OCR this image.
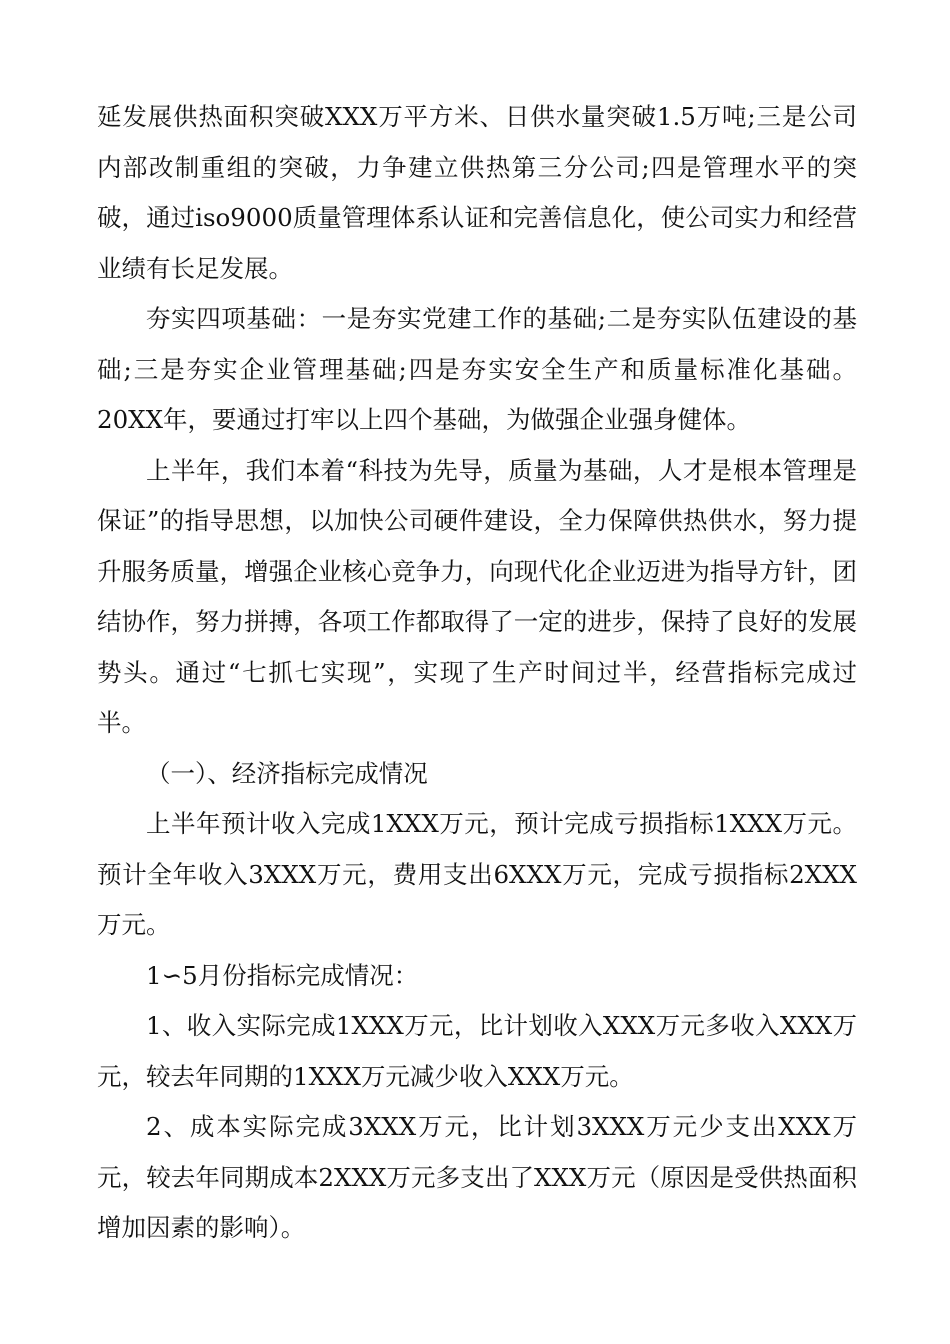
延发展供热面积突破XXX万平方米、日供水量突破1.5万吨;三是公司内部改制重组的突破，力争建立供热第三分公司;四是管理水平的突破，通过iso9000质量管理体系认证和完善信息化，使公司实力和经营业绩有长足发展。

夯实四项基础：一是夯实党建工作的基础;二是夯实队伍建设的基础;三是夯实企业管理基础;四是夯实安全生产和质量标准化基础。20XX年，要通过打牢以上四个基础，为做强企业强身健体。

上半年，我们本着“科技为先导，质量为基础，人才是根本管理是保证”的指导思想，以加快公司硬件建设，全力保障供热供水，努力提升服务质量，增强企业核心竞争力，向现代化企业迈进为指导方针，团结协作，努力拼搏，各项工作都取得了一定的进步，保持了良好的发展势头。通过“七抓七实现”，实现了生产时间过半，经营指标完成过半。

（一）、经济指标完成情况

上半年预计收入完成1XXX万元，预计完成亏损指标1XXX万元。预计全年收入3XXX万元，费用支出6XXX万元，完成亏损指标2XXX万元。

1∽5月份指标完成情况：

1、收入实际完成1XXX万元，比计划收入XXX万元多收入XXX万元，较去年同期的1XXX万元减少收入XXX万元。

2、成本实际完成3XXX万元，比计划3XXX万元少支出XXX万元，较去年同期成本2XXX万元多支出了XXX万元（原因是受供热面积增加因素的影响）。
